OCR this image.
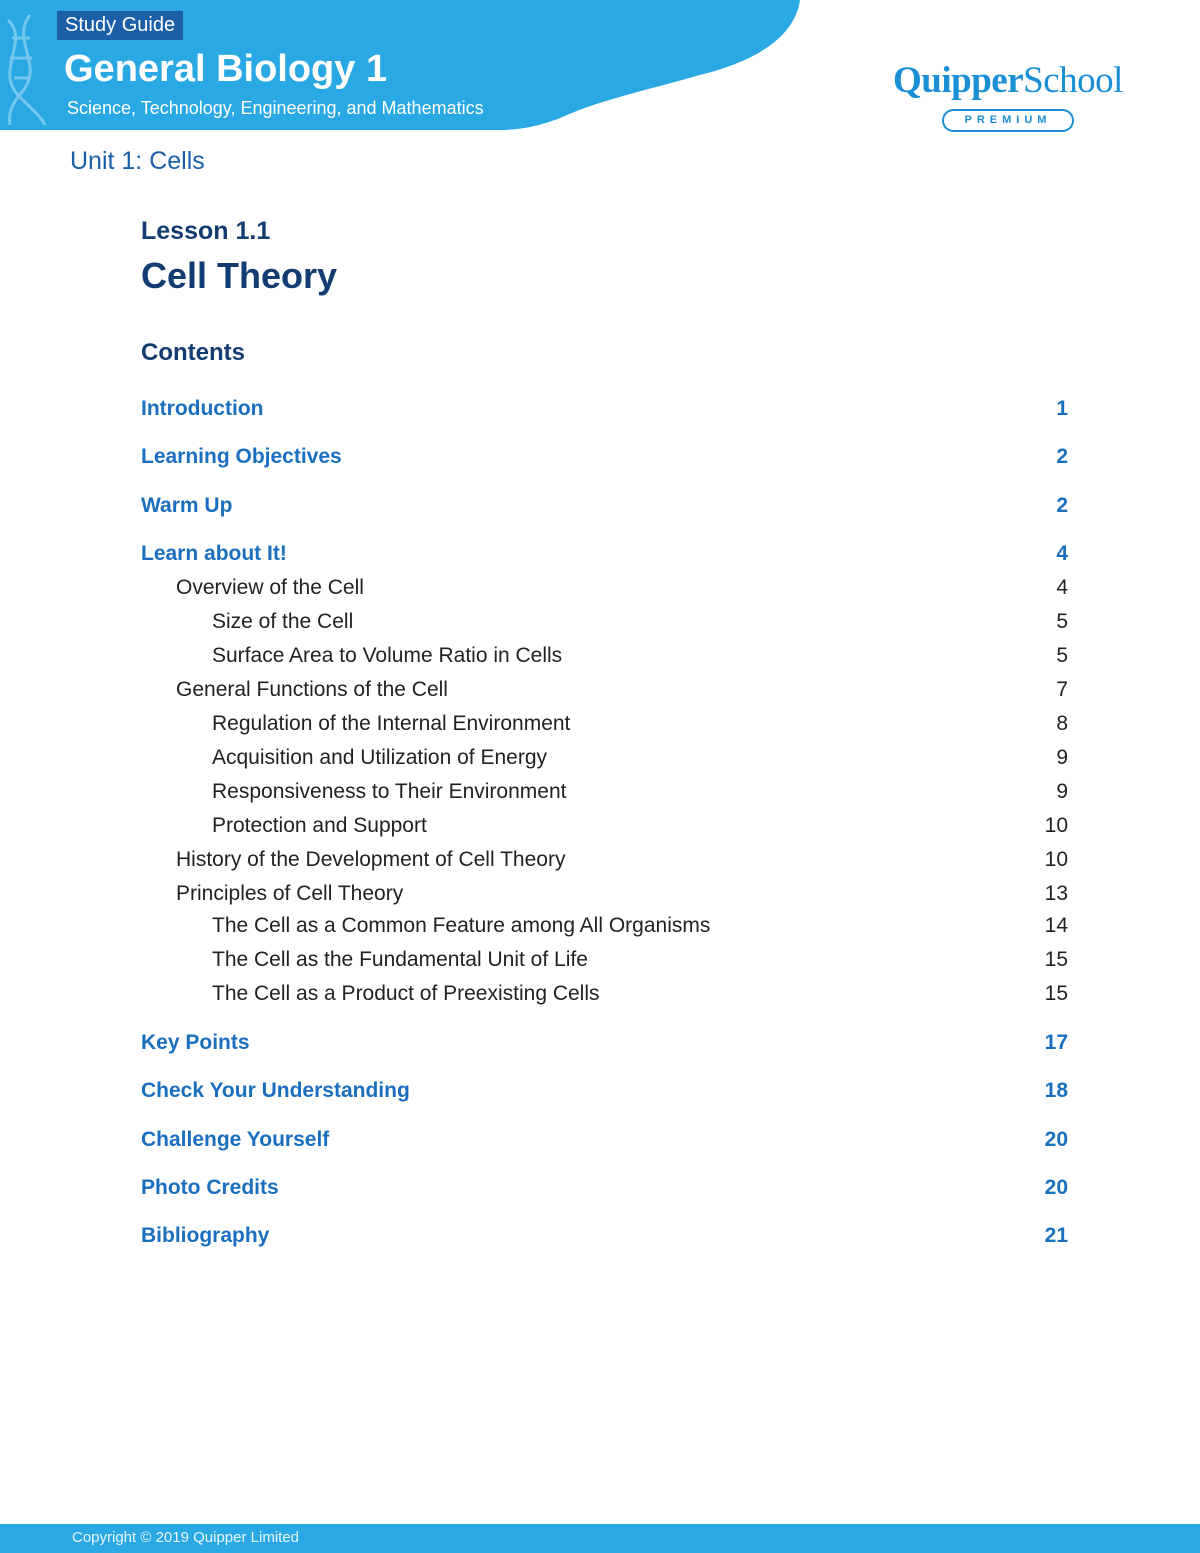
Study Guide
General Biology 1
Science, Technology, Engineering, and Mathematics
QuipperSchool
PREMIUM
Unit 1: Cells
Lesson 1.1
Cell Theory
Contents
Introduction	1
Learning Objectives	2
Warm Up	2
Learn about It!	4
Overview of the Cell	4
Size of the Cell	5
Surface Area to Volume Ratio in Cells	5
General Functions of the Cell	7
Regulation of the Internal Environment	8
Acquisition and Utilization of Energy	9
Responsiveness to Their Environment	9
Protection and Support	10
History of the Development of Cell Theory	10
Principles of Cell Theory	13
The Cell as a Common Feature among All Organisms	14
The Cell as the Fundamental Unit of Life	15
The Cell as a Product of Preexisting Cells	15
Key Points	17
Check Your Understanding	18
Challenge Yourself	20
Photo Credits	20
Bibliography	21
Copyright © 2019 Quipper Limited
